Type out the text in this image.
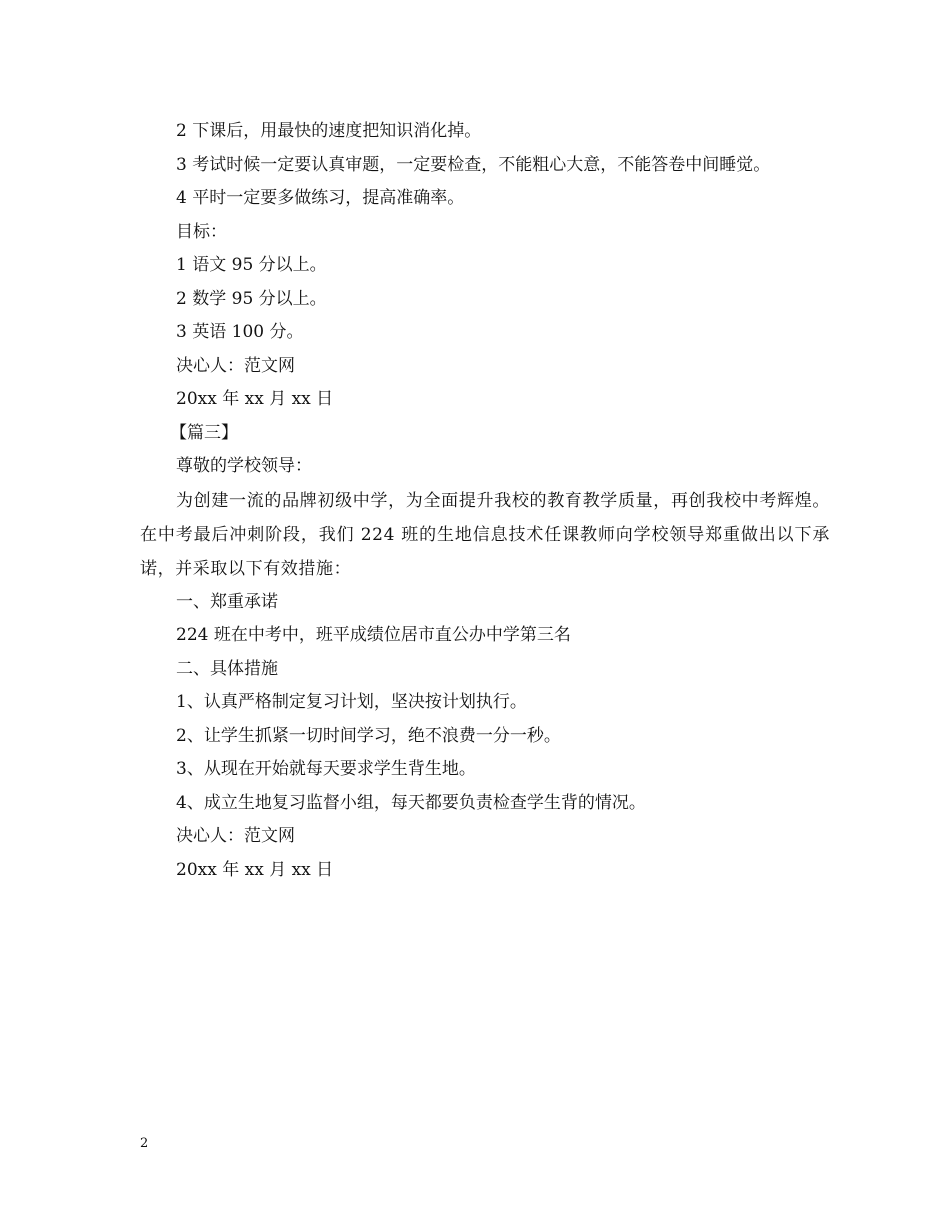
2 下课后，用最快的速度把知识消化掉。
3 考试时候一定要认真审题，一定要检查，不能粗心大意，不能答卷中间睡觉。
4 平时一定要多做练习，提高准确率。
目标：
1 语文 95 分以上。
2 数学 95 分以上。
3 英语 100 分。
决心人：范文网
20xx 年 xx 月 xx 日
【篇三】
尊敬的学校领导：
为创建一流的品牌初级中学，为全面提升我校的教育教学质量，再创我校中考辉煌。在中考最后冲刺阶段，我们 224 班的生地信息技术任课教师向学校领导郑重做出以下承诺，并采取以下有效措施：
一、郑重承诺
224 班在中考中，班平成绩位居市直公办中学第三名
二、具体措施
1、认真严格制定复习计划，坚决按计划执行。
2、让学生抓紧一切时间学习，绝不浪费一分一秒。
3、从现在开始就每天要求学生背生地。
4、成立生地复习监督小组，每天都要负责检查学生背的情况。
决心人：范文网
20xx 年 xx 月 xx 日
2
